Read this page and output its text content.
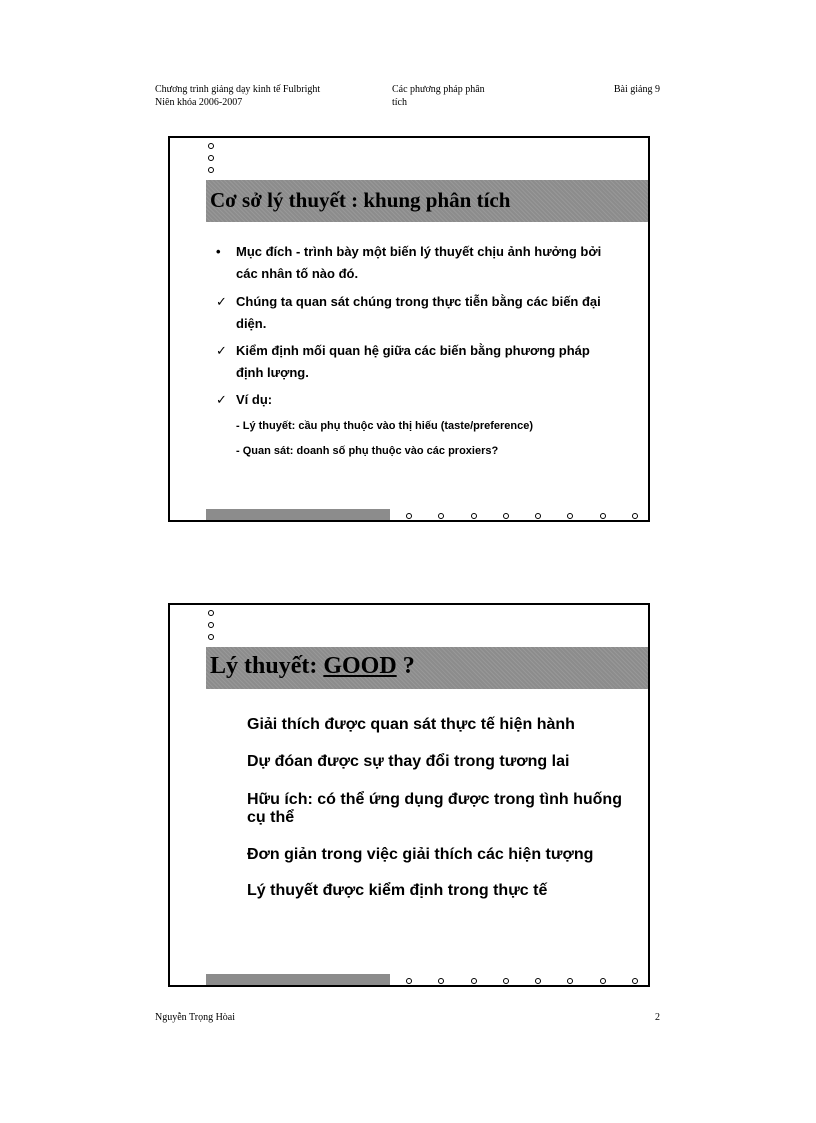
Chương trình giảng dạy kinh tế Fulbright
Niên khóa 2006-2007
Các phương pháp phân
tích
Bài giảng 9
Cơ sở lý thuyết : khung phân tích
•	Mục đích - trình bày một biến lý thuyết chịu ảnh hưởng bởi các nhân tố nào đó.
✓ Chúng ta quan sát chúng trong thực tiễn bằng các biến đại diện.
✓ Kiểm định mối quan hệ giữa các biến bằng phương pháp định lượng.
✓ Ví dụ:
- Lý thuyết: cầu phụ thuộc vào thị hiếu (taste/preference)
- Quan sát: doanh số phụ thuộc vào các proxiers?
Lý thuyết: GOOD ?
Giải thích được quan sát thực tế hiện hành
Dự đóan được sự thay đổi trong tương lai
Hữu ích: có thể ứng dụng được trong tình huống cụ thể
Đơn giản trong việc giải thích các hiện tượng
Lý thuyết được kiểm định trong thực tế
Nguyễn Trọng Hòai	2
